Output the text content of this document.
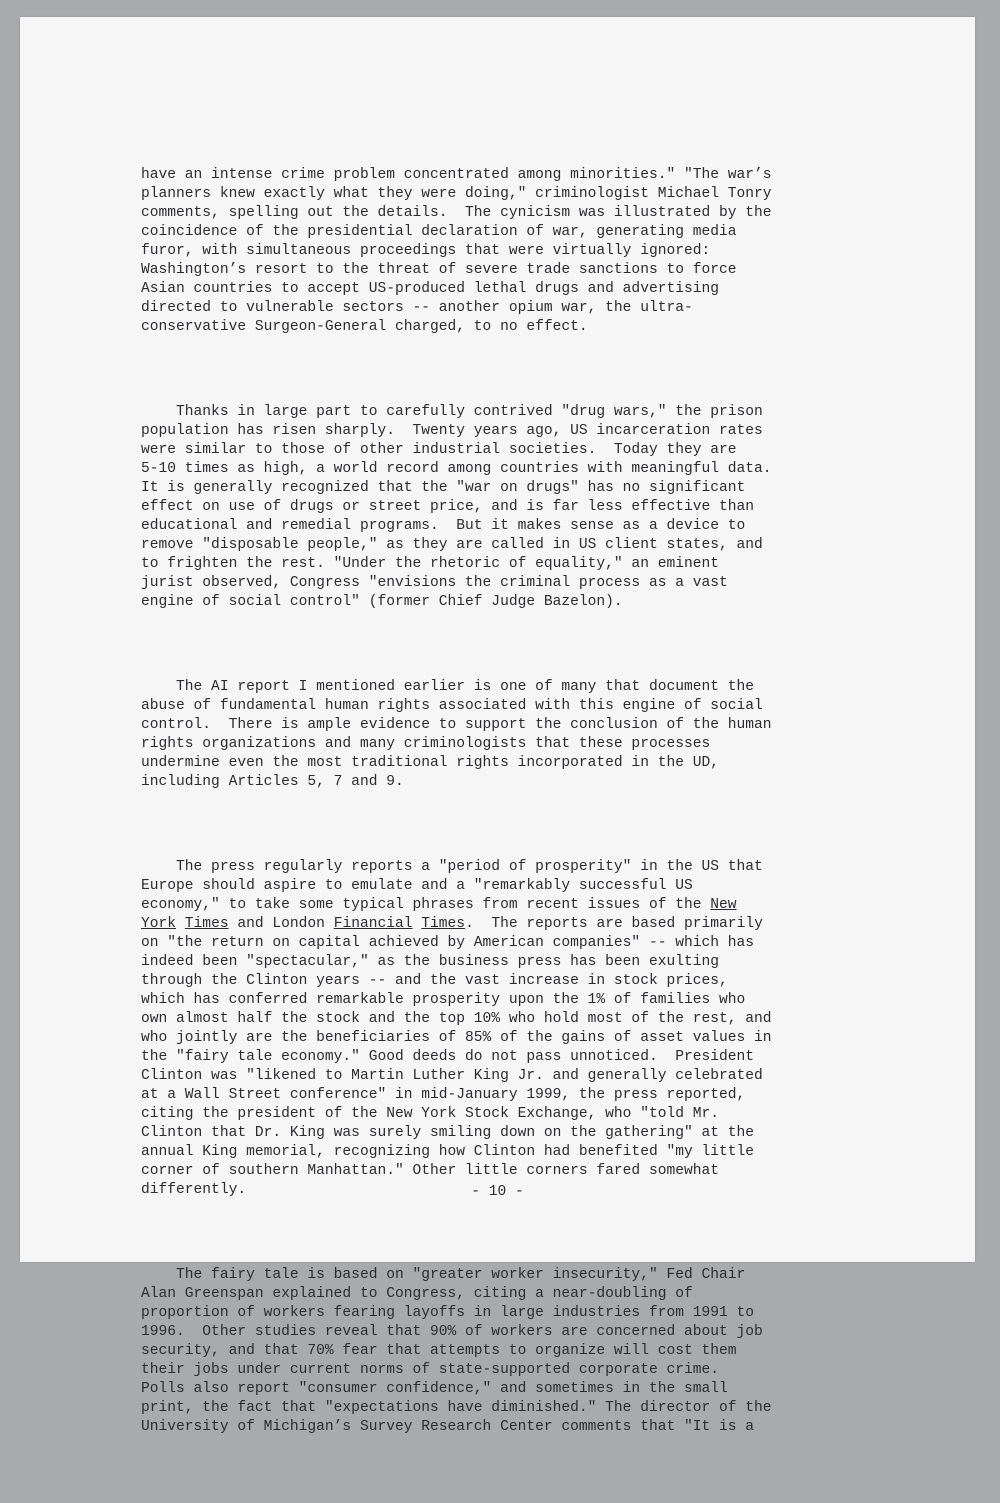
have an intense crime problem concentrated among minorities." "The war’s
planners knew exactly what they were doing," criminologist Michael Tonry
comments, spelling out the details.  The cynicism was illustrated by the
coincidence of the presidential declaration of war, generating media
furor, with simultaneous proceedings that were virtually ignored:
Washington’s resort to the threat of severe trade sanctions to force
Asian countries to accept US-produced lethal drugs and advertising
directed to vulnerable sectors -- another opium war, the ultra-
conservative Surgeon-General charged, to no effect.

Thanks in large part to carefully contrived "drug wars," the prison
population has risen sharply.  Twenty years ago, US incarceration rates
were similar to those of other industrial societies.  Today they are
5-10 times as high, a world record among countries with meaningful data.
It is generally recognized that the "war on drugs" has no significant
effect on use of drugs or street price, and is far less effective than
educational and remedial programs.  But it makes sense as a device to
remove "disposable people," as they are called in US client states, and
to frighten the rest. "Under the rhetoric of equality," an eminent
jurist observed, Congress "envisions the criminal process as a vast
engine of social control" (former Chief Judge Bazelon).

The AI report I mentioned earlier is one of many that document the
abuse of fundamental human rights associated with this engine of social
control.  There is ample evidence to support the conclusion of the human
rights organizations and many criminologists that these processes
undermine even the most traditional rights incorporated in the UD,
including Articles 5, 7 and 9.

The press regularly reports a "period of prosperity" in the US that
Europe should aspire to emulate and a "remarkably successful US
economy," to take some typical phrases from recent issues of the New
York Times and London Financial Times.  The reports are based primarily
on "the return on capital achieved by American companies" -- which has
indeed been "spectacular," as the business press has been exulting
through the Clinton years -- and the vast increase in stock prices,
which has conferred remarkable prosperity upon the 1% of families who
own almost half the stock and the top 10% who hold most of the rest, and
who jointly are the beneficiaries of 85% of the gains of asset values in
the "fairy tale economy." Good deeds do not pass unnoticed.  President
Clinton was "likened to Martin Luther King Jr. and generally celebrated
at a Wall Street conference" in mid-January 1999, the press reported,
citing the president of the New York Stock Exchange, who "told Mr.
Clinton that Dr. King was surely smiling down on the gathering" at the
annual King memorial, recognizing how Clinton had benefited "my little
corner of southern Manhattan." Other little corners fared somewhat
differently.

The fairy tale is based on "greater worker insecurity," Fed Chair
Alan Greenspan explained to Congress, citing a near-doubling of
proportion of workers fearing layoffs in large industries from 1991 to
1996.  Other studies reveal that 90% of workers are concerned about job
security, and that 70% fear that attempts to organize will cost them
their jobs under current norms of state-supported corporate crime.
Polls also report "consumer confidence," and sometimes in the small
print, the fact that "expectations have diminished." The director of the
University of Michigan’s Survey Research Center comments that "It is a

- 10 -
